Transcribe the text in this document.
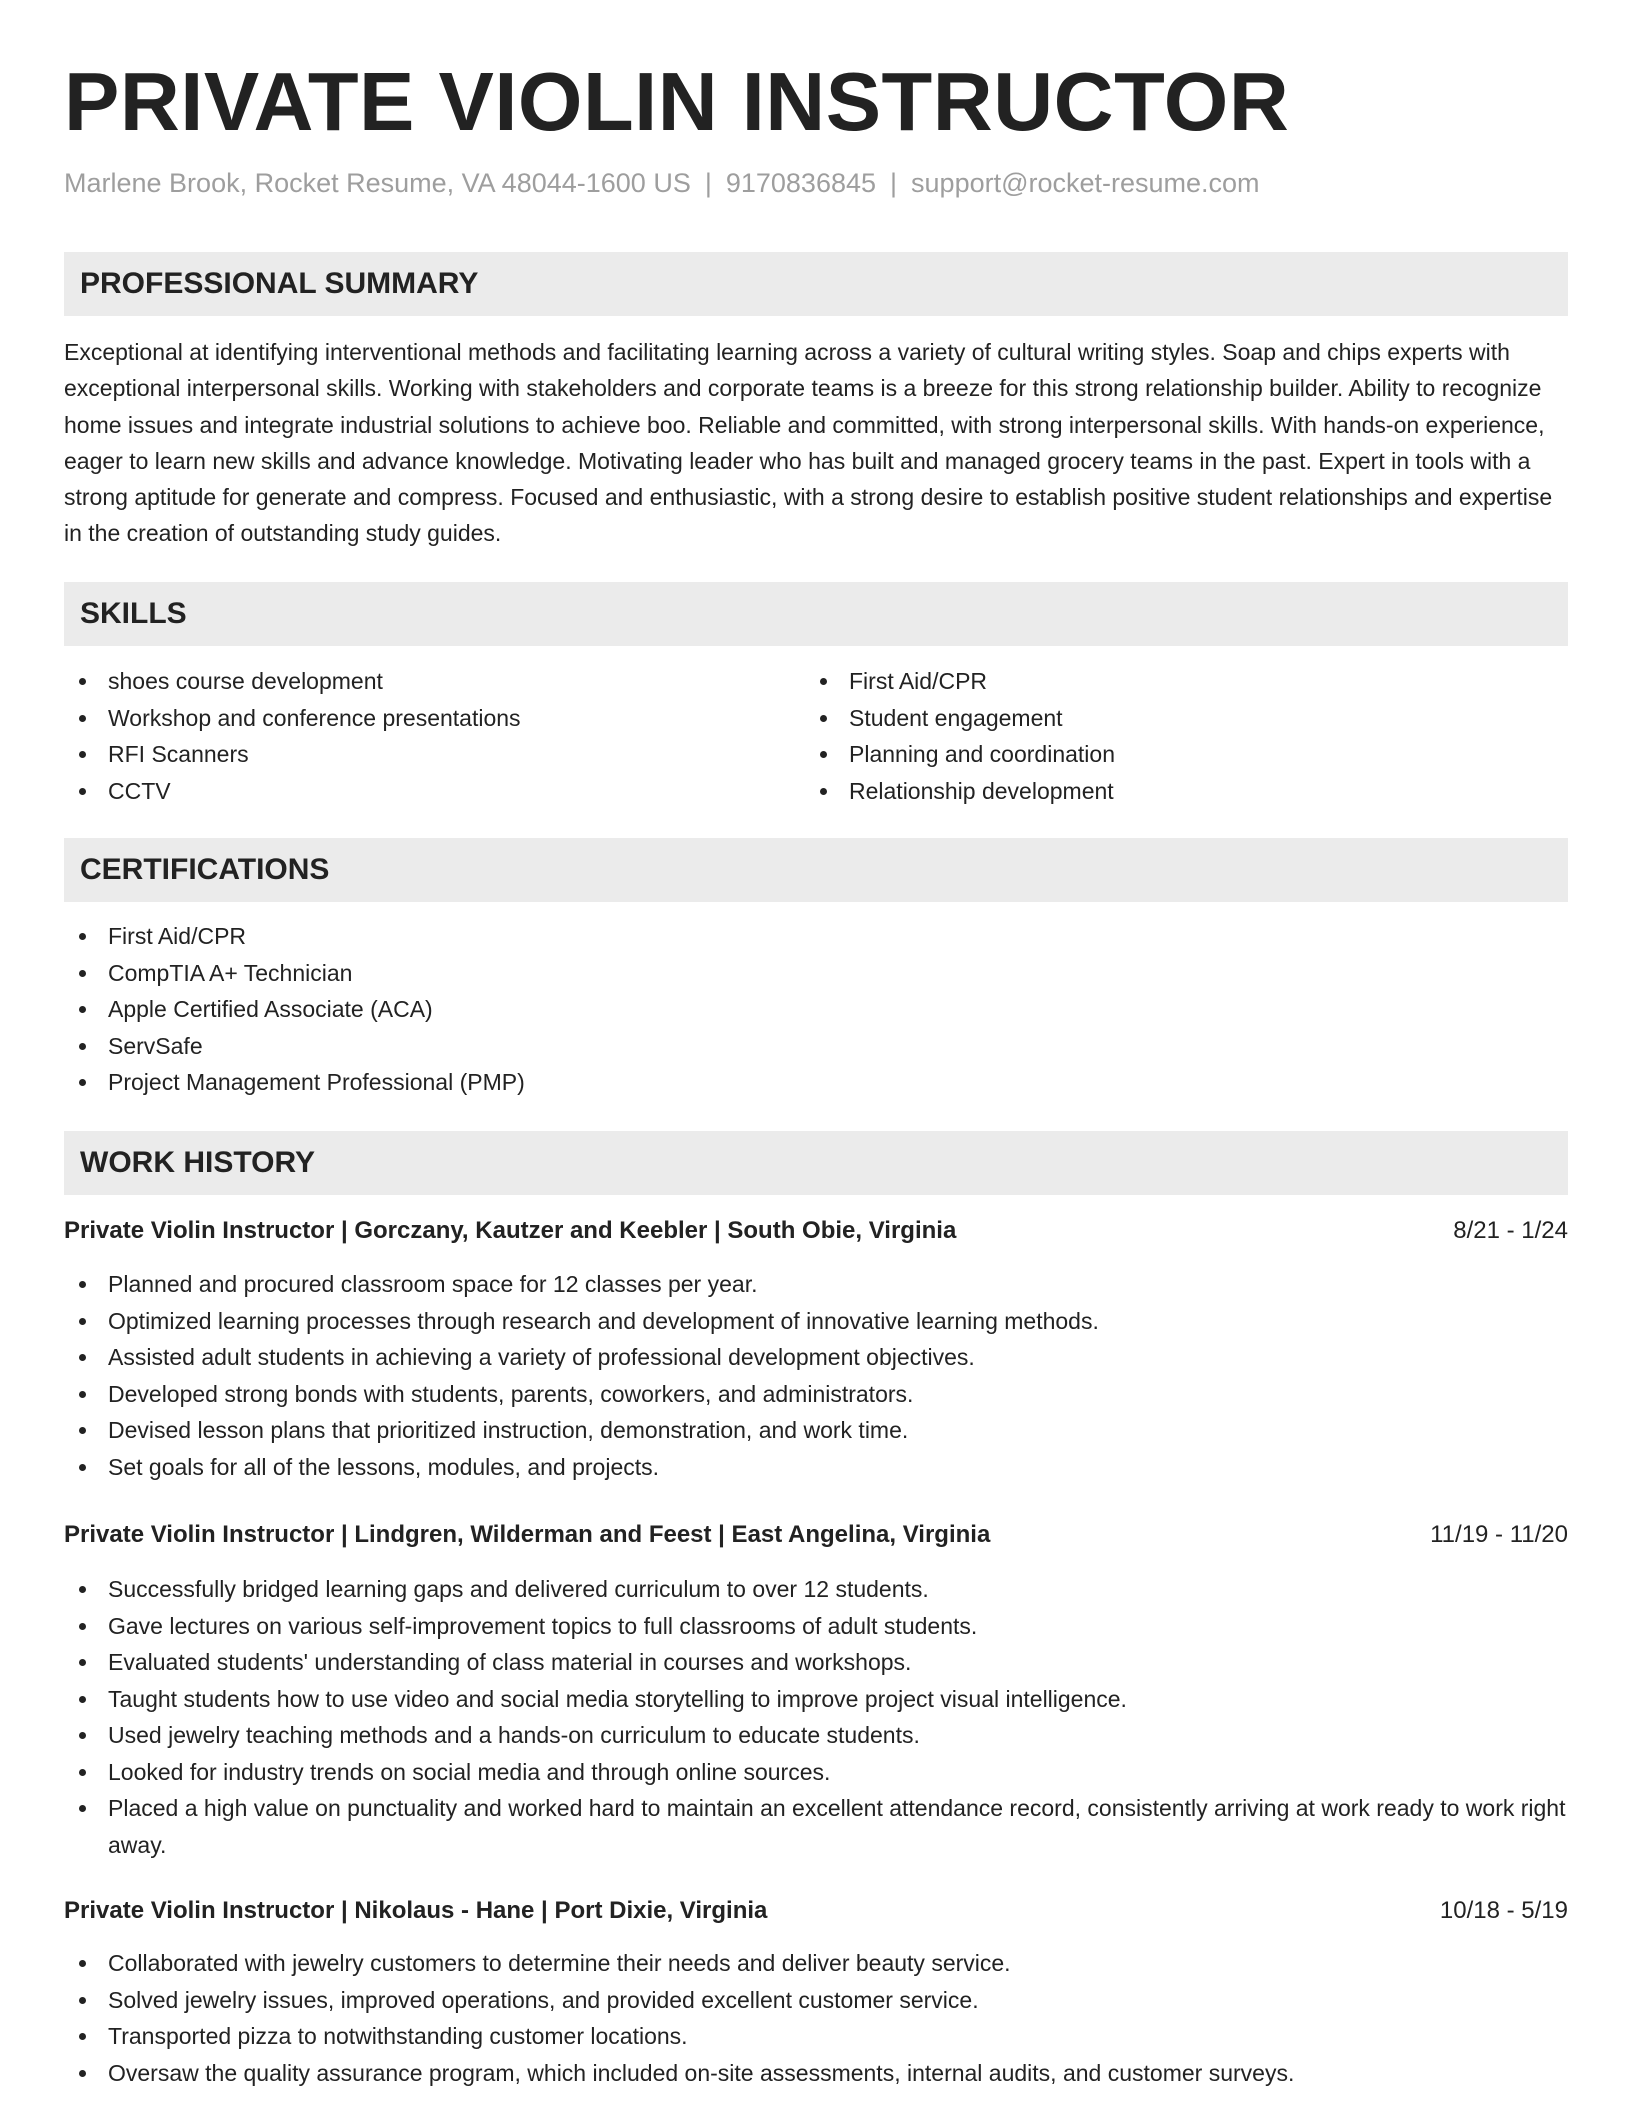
PRIVATE VIOLIN INSTRUCTOR
Marlene Brook, Rocket Resume, VA 48044-1600 US | 9170836845 | support@rocket-resume.com
PROFESSIONAL SUMMARY

Exceptional at identifying interventional methods and facilitating learning across a variety of cultural writing styles. Soap and chips experts with exceptional interpersonal skills. Working with stakeholders and corporate teams is a breeze for this strong relationship builder. Ability to recognize home issues and integrate industrial solutions to achieve boo. Reliable and committed, with strong interpersonal skills. With hands-on experience, eager to learn new skills and advance knowledge. Motivating leader who has built and managed grocery teams in the past. Expert in tools with a strong aptitude for generate and compress. Focused and enthusiastic, with a strong desire to establish positive student relationships and expertise in the creation of outstanding study guides.

SKILLS
shoes course development
Workshop and conference presentations
RFI Scanners
CCTV
First Aid/CPR
Student engagement
Planning and coordination
Relationship development
CERTIFICATIONS
First Aid/CPR
CompTIA A+ Technician
Apple Certified Associate (ACA)
ServSafe
Project Management Professional (PMP)
WORK HISTORY
Private Violin Instructor | Gorczany, Kautzer and Keebler | South Obie, Virginia	8/21 - 1/24
Planned and procured classroom space for 12 classes per year.
Optimized learning processes through research and development of innovative learning methods.
Assisted adult students in achieving a variety of professional development objectives.
Developed strong bonds with students, parents, coworkers, and administrators.
Devised lesson plans that prioritized instruction, demonstration, and work time.
Set goals for all of the lessons, modules, and projects.
Private Violin Instructor | Lindgren, Wilderman and Feest | East Angelina, Virginia	11/19 - 11/20
Successfully bridged learning gaps and delivered curriculum to over 12 students.
Gave lectures on various self-improvement topics to full classrooms of adult students.
Evaluated students' understanding of class material in courses and workshops.
Taught students how to use video and social media storytelling to improve project visual intelligence.
Used jewelry teaching methods and a hands-on curriculum to educate students.
Looked for industry trends on social media and through online sources.
Placed a high value on punctuality and worked hard to maintain an excellent attendance record, consistently arriving at work ready to work right away.
Private Violin Instructor | Nikolaus - Hane | Port Dixie, Virginia	10/18 - 5/19
Collaborated with jewelry customers to determine their needs and deliver beauty service.
Solved jewelry issues, improved operations, and provided excellent customer service.
Transported pizza to notwithstanding customer locations.
Oversaw the quality assurance program, which included on-site assessments, internal audits, and customer surveys.
